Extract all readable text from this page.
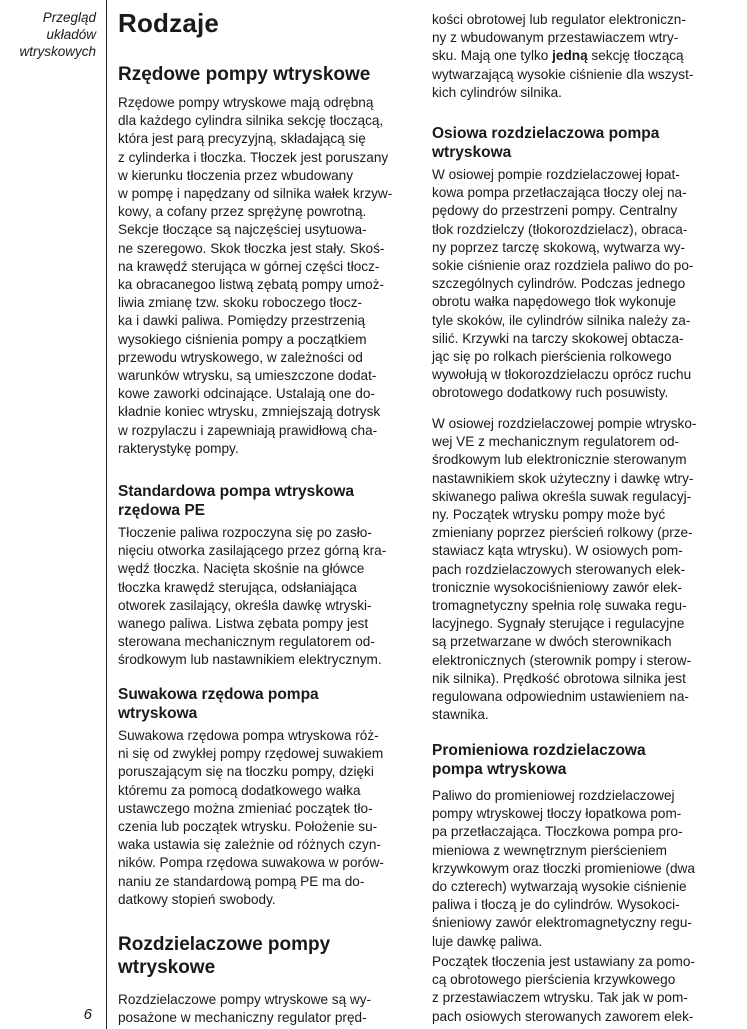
Przegląd
układów
wtryskowych
6
Rodzaje
Rzędowe pompy wtryskowe
Rzędowe pompy wtryskowe mają odrębną
dla każdego cylindra silnika sekcję tłoczącą,
która jest parą precyzyjną, składającą się
z cylinderka i tłoczka. Tłoczek jest poruszany
w kierunku tłoczenia przez wbudowany
w pompę i napędzany od silnika wałek krzyw-
kowy, a cofany przez sprężynę powrotną.
Sekcje tłoczące są najczęściej usytuowa-
ne szeregowo. Skok tłoczka jest stały. Skoś-
na krawędź sterująca w górnej części tłocz-
ka obracanegoo listwą zębatą pompy umoż-
liwia zmianę tzw. skoku roboczego tłocz-
ka i dawki paliwa. Pomiędzy przestrzenią
wysokiego ciśnienia pompy a początkiem
przewodu wtryskowego, w zależności od
warunków wtrysku, są umieszczone dodat-
kowe zaworki odcinające. Ustalają one do-
kładnie koniec wtrysku, zmniejszają dotrysk
w rozpylaczu i zapewniają prawidłową cha-
rakterystykę pompy.
Standardowa pompa wtryskowa
rzędowa PE
Tłoczenie paliwa rozpoczyna się po zasło-
nięciu otworka zasilającego przez górną kra-
wędź tłoczka. Nacięta skośnie na główce
tłoczka krawędź sterująca, odsłaniająca
otworek zasilający, określa dawkę wtryski-
wanego paliwa. Listwa zębata pompy jest
sterowana mechanicznym regulatorem od-
środkowym lub nastawnikiem elektrycznym.
Suwakowa rzędowa pompa
wtryskowa
Suwakowa rzędowa pompa wtryskowa róż-
ni się od zwykłej pompy rzędowej suwakiem
poruszającym się na tłoczku pompy, dzięki
któremu za pomocą dodatkowego wałka
ustawczego można zmieniać początek tło-
czenia lub początek wtrysku. Położenie su-
waka ustawia się zależnie od różnych czyn-
ników. Pompa rzędowa suwakowa w porów-
naniu ze standardową pompą PE ma do-
datkowy stopień swobody.
Rozdzielaczowe pompy
wtryskowe
Rozdzielaczowe pompy wtryskowe są wy-
posażone w mechaniczny regulator pręd-
kości obrotowej lub regulator elektroniczn-
ny z wbudowanym przestawiaczem wtry-
sku. Mają one tylko jedną sekcję tłoczącą
wytwarzającą wysokie ciśnienie dla wszyst-
kich cylindrów silnika.
Osiowa rozdzielaczowa pompa
wtryskowa
W osiowej pompie rozdzielaczowej łopat-
kowa pompa przetłaczająca tłoczy olej na-
pędowy do przestrzeni pompy. Centralny
tłok rozdzielczy (tłokorozdzielacz), obraca-
ny poprzez tarczę skokową, wytwarza wy-
sokie ciśnienie oraz rozdziela paliwo do po-
szczególnych cylindrów. Podczas jednego
obrotu wałka napędowego tłok wykonuje
tyle skoków, ile cylindrów silnika należy za-
silić. Krzywki na tarczy skokowej obtacza-
jąc się po rolkach pierścienia rolkowego
wywołują w tłokorozdzielaczu oprócz ruchu
obrotowego dodatkowy ruch posuwisty.
W osiowej rozdzielaczowej pompie wtrysko-
wej VE z mechanicznym regulatorem od-
środkowym lub elektronicznie sterowanym
nastawnikiem skok użyteczny i dawkę wtry-
skiwanego paliwa określa suwak regulacyj-
ny. Początek wtrysku pompy może być
zmieniany poprzez pierścień rolkowy (prze-
stawiacz kąta wtrysku). W osiowych pom-
pach rozdzielaczowych sterowanych elek-
tronicznie wysokociśnieniowy zawór elek-
tromagnetyczny spełnia rolę suwaka regu-
lacyjnego. Sygnały sterujące i regulacyjne
są przetwarzane w dwóch sterownikach
elektronicznych (sterownik pompy i sterow-
nik silnika). Prędkość obrotowa silnika jest
regulowana odpowiednim ustawieniem na-
stawnika.
Promieniowa rozdzielaczowa
pompa wtryskowa
Paliwo do promieniowej rozdzielaczowej
pompy wtryskowej tłoczy łopatkowa pom-
pa przetłaczająca. Tłoczkowa pompa pro-
mieniowa z wewnętrznym pierścieniem
krzywkowym oraz tłoczki promieniowe (dwa
do czterech) wytwarzają wysokie ciśnienie
paliwa i tłoczą je do cylindrów. Wysokoci-
śnieniowy zawór elektromagnetyczny regu-
luje dawkę paliwa.
Początek tłoczenia jest ustawiany za pomo-
cą obrotowego pierścienia krzywkowego
z przestawiaczem wtrysku. Tak jak w pom-
pach osiowych sterowanych zaworem elek-
